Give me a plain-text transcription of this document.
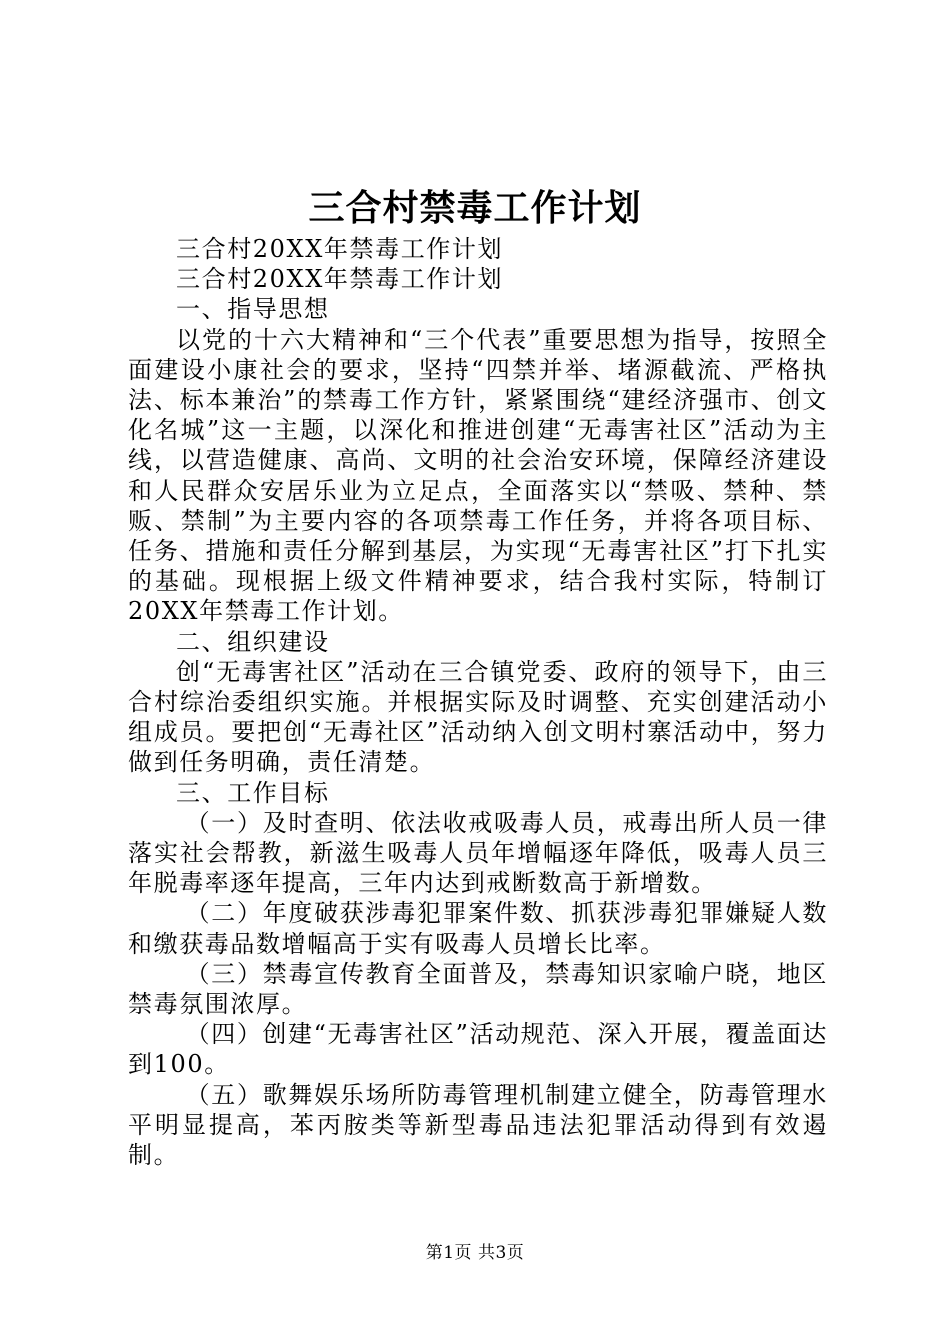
三合村禁毒工作计划

三合村20XX年禁毒工作计划

三合村20XX年禁毒工作计划

一、指导思想

以党的十六大精神和“三个代表”重要思想为指导，按照全面建设小康社会的要求，坚持“四禁并举、堵源截流、严格执法、标本兼治”的禁毒工作方针，紧紧围绕“建经济强市、创文化名城”这一主题，以深化和推进创建“无毒害社区”活动为主线，以营造健康、高尚、文明的社会治安环境，保障经济建设和人民群众安居乐业为立足点，全面落实以“禁吸、禁种、禁贩、禁制”为主要内容的各项禁毒工作任务，并将各项目标、任务、措施和责任分解到基层，为实现“无毒害社区”打下扎实的基础。现根据上级文件精神要求，结合我村实际，特制订20XX年禁毒工作计划。

二、组织建设

创“无毒害社区”活动在三合镇党委、政府的领导下，由三合村综治委组织实施。并根据实际及时调整、充实创建活动小组成员。要把创“无毒社区”活动纳入创文明村寨活动中，努力做到任务明确，责任清楚。

三、工作目标

（一）及时查明、依法收戒吸毒人员，戒毒出所人员一律落实社会帮教，新滋生吸毒人员年增幅逐年降低，吸毒人员三年脱毒率逐年提高，三年内达到戒断数高于新增数。

（二）年度破获涉毒犯罪案件数、抓获涉毒犯罪嫌疑人数和缴获毒品数增幅高于实有吸毒人员增长比率。

（三）禁毒宣传教育全面普及，禁毒知识家喻户晓，地区禁毒氛围浓厚。

（四）创建“无毒害社区”活动规范、深入开展，覆盖面达到100。

（五）歌舞娱乐场所防毒管理机制建立健全，防毒管理水平明显提高，苯丙胺类等新型毒品违法犯罪活动得到有效遏制。

第1页 共3页
